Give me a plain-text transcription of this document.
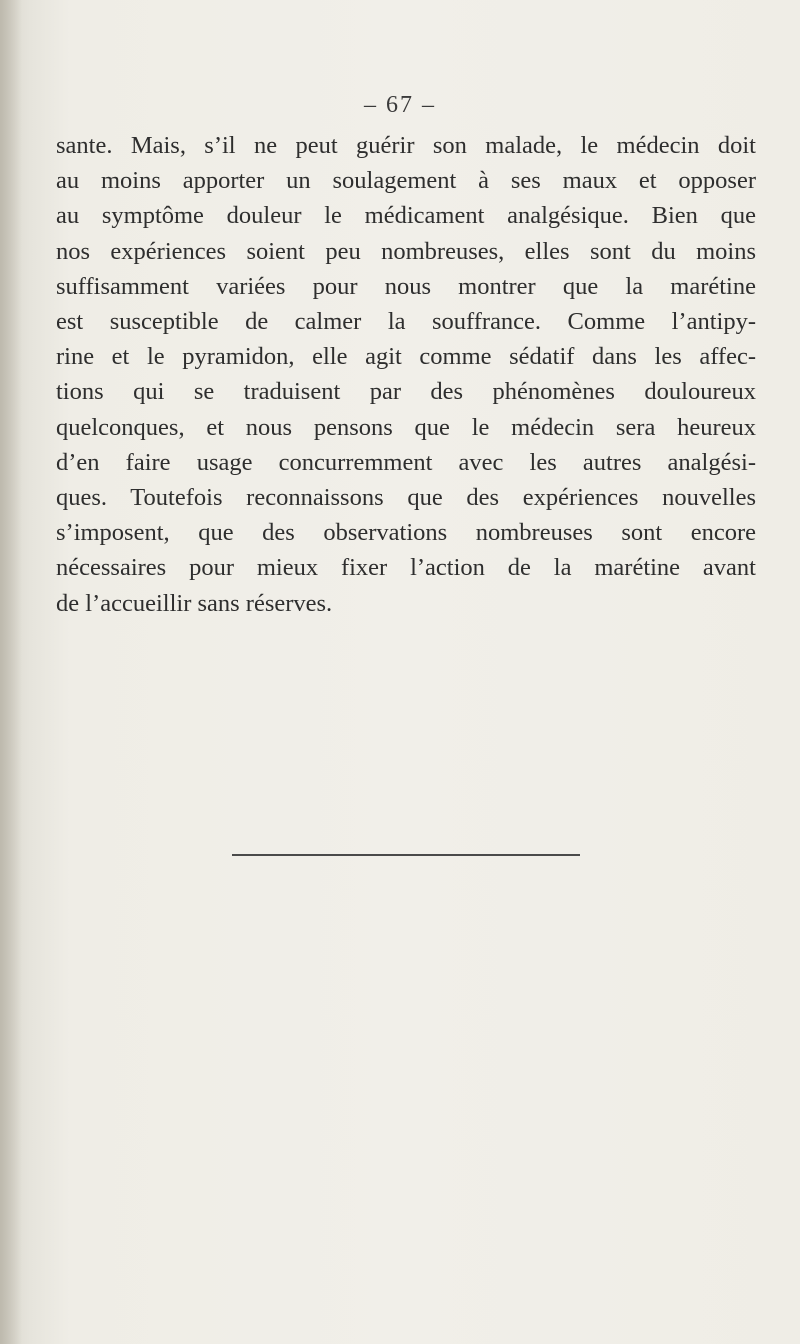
– 67 –
sante. Mais, s’il ne peut guérir son malade, le médecin doit
au moins apporter un soulagement à ses maux et opposer
au symptôme douleur le médicament analgésique. Bien que
nos expériences soient peu nombreuses, elles sont du moins
suffisamment variées pour nous montrer que la marétine
est susceptible de calmer la souffrance. Comme l’antipy-
rine et le pyramidon, elle agit comme sédatif dans les affec-
tions qui se traduisent par des phénomènes douloureux
quelconques, et nous pensons que le médecin sera heureux
d’en faire usage concurremment avec les autres analgési-
ques. Toutefois reconnaissons que des expériences nouvelles
s’imposent, que des observations nombreuses sont encore
nécessaires pour mieux fixer l’action de la marétine avant
de l’accueillir sans réserves.
